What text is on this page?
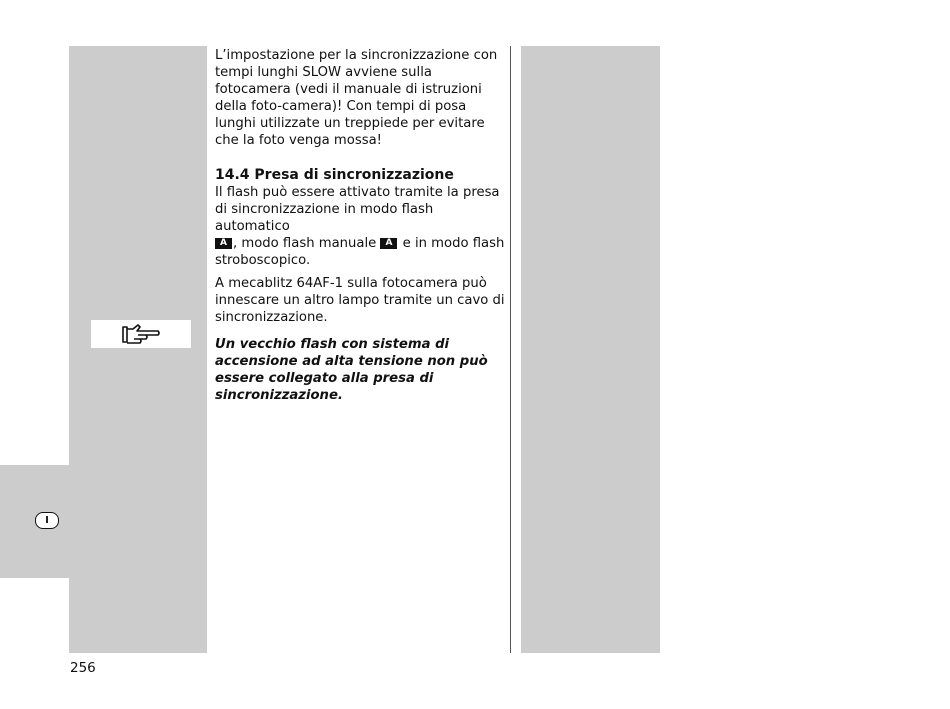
I

L’impostazione per la sincronizzazione con tempi lunghi SLOW avviene sulla fotocamera (vedi il manuale di istruzioni della foto-camera)! Con tempi di posa lunghi utilizzate un treppiede per evitare che la foto venga mossa!

14.4 Presa di sincronizzazione

Il flash può essere attivato tramite la presa di sincronizzazione in modo flash automatico
A , modo flash manuale A e in modo flash stroboscopico.

A mecablitz 64AF-1 sulla fotocamera può innescare un altro lampo tramite un cavo di sincronizzazione.

Un vecchio flash con sistema di accensione ad alta tensione non può essere collegato alla presa di sincronizzazione.

256
